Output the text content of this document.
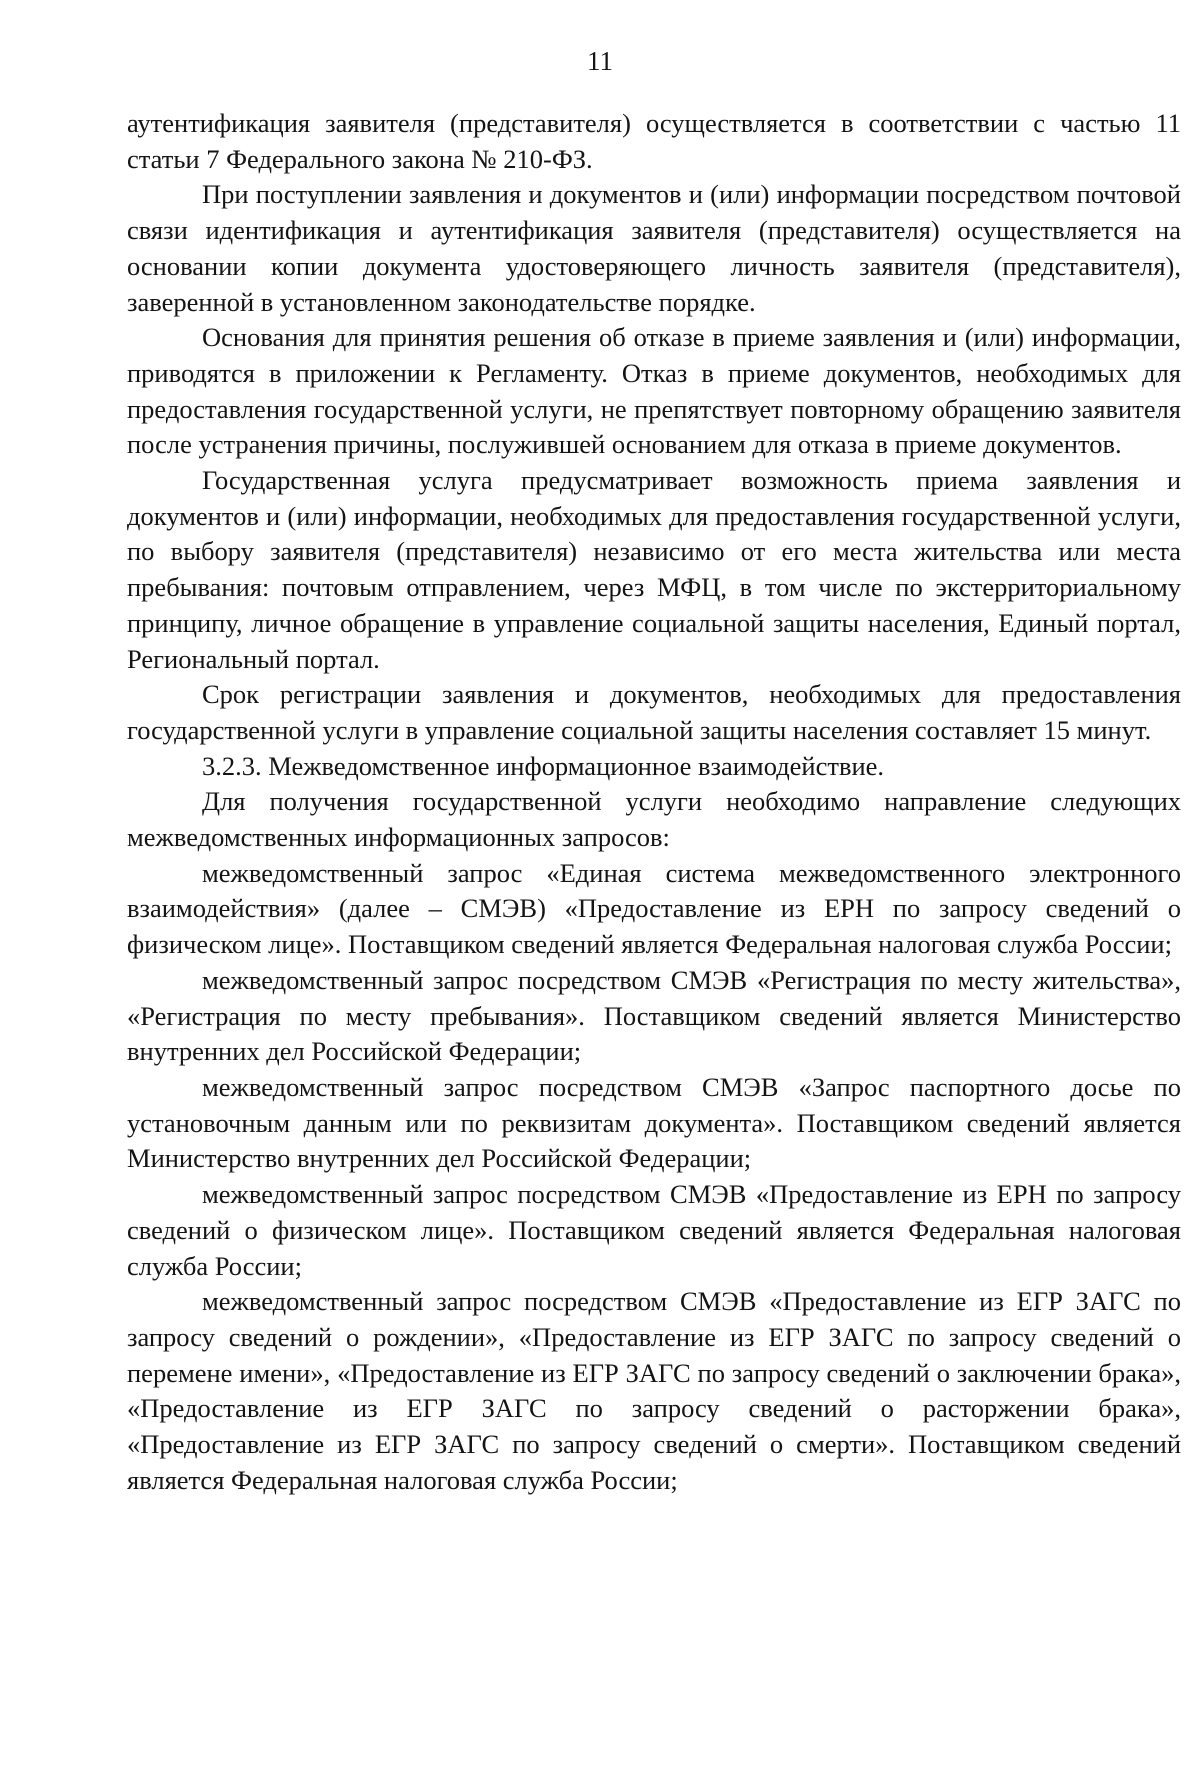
11

аутентификация заявителя (представителя) осуществляется в соответствии с частью 11 статьи 7 Федерального закона № 210-ФЗ.

При поступлении заявления и документов и (или) информации посредством почтовой связи идентификация и аутентификация заявителя (представителя) осуществляется на основании копии документа удостоверяющего личность заявителя (представителя), заверенной в установленном законодательстве порядке.

Основания для принятия решения об отказе в приеме заявления и (или) информации, приводятся в приложении к Регламенту. Отказ в приеме документов, необходимых для предоставления государственной услуги, не препятствует повторному обращению заявителя после устранения причины, послужившей основанием для отказа в приеме документов.

Государственная услуга предусматривает возможность приема заявления и документов и (или) информации, необходимых для предоставления государственной услуги, по выбору заявителя (представителя) независимо от его места жительства или места пребывания: почтовым отправлением, через МФЦ, в том числе по экстерриториальному принципу, личное обращение в управление социальной защиты населения, Единый портал, Региональный портал.

Срок регистрации заявления и документов, необходимых для предоставления государственной услуги в управление социальной защиты населения составляет 15 минут.

3.2.3. Межведомственное информационное взаимодействие.

Для получения государственной услуги необходимо направление следующих межведомственных информационных запросов:

межведомственный запрос «Единая система межведомственного электронного взаимодействия» (далее – СМЭВ) «Предоставление из ЕРН по запросу сведений о физическом лице». Поставщиком сведений является Федеральная налоговая служба России;

межведомственный запрос посредством СМЭВ «Регистрация по месту жительства», «Регистрация по месту пребывания». Поставщиком сведений является Министерство внутренних дел Российской Федерации;

межведомственный запрос посредством СМЭВ «Запрос паспортного досье по установочным данным или по реквизитам документа». Поставщиком сведений является Министерство внутренних дел Российской Федерации;

межведомственный запрос посредством СМЭВ «Предоставление из ЕРН по запросу сведений о физическом лице». Поставщиком сведений является Федеральная налоговая служба России;

межведомственный запрос посредством СМЭВ «Предоставление из ЕГР ЗАГС по запросу сведений о рождении», «Предоставление из ЕГР ЗАГС по запросу сведений о перемене имени», «Предоставление из ЕГР ЗАГС по запросу сведений о заключении брака», «Предоставление из ЕГР ЗАГС по запросу сведений о расторжении брака», «Предоставление из ЕГР ЗАГС по запросу сведений о смерти». Поставщиком сведений является Федеральная налоговая служба России;
